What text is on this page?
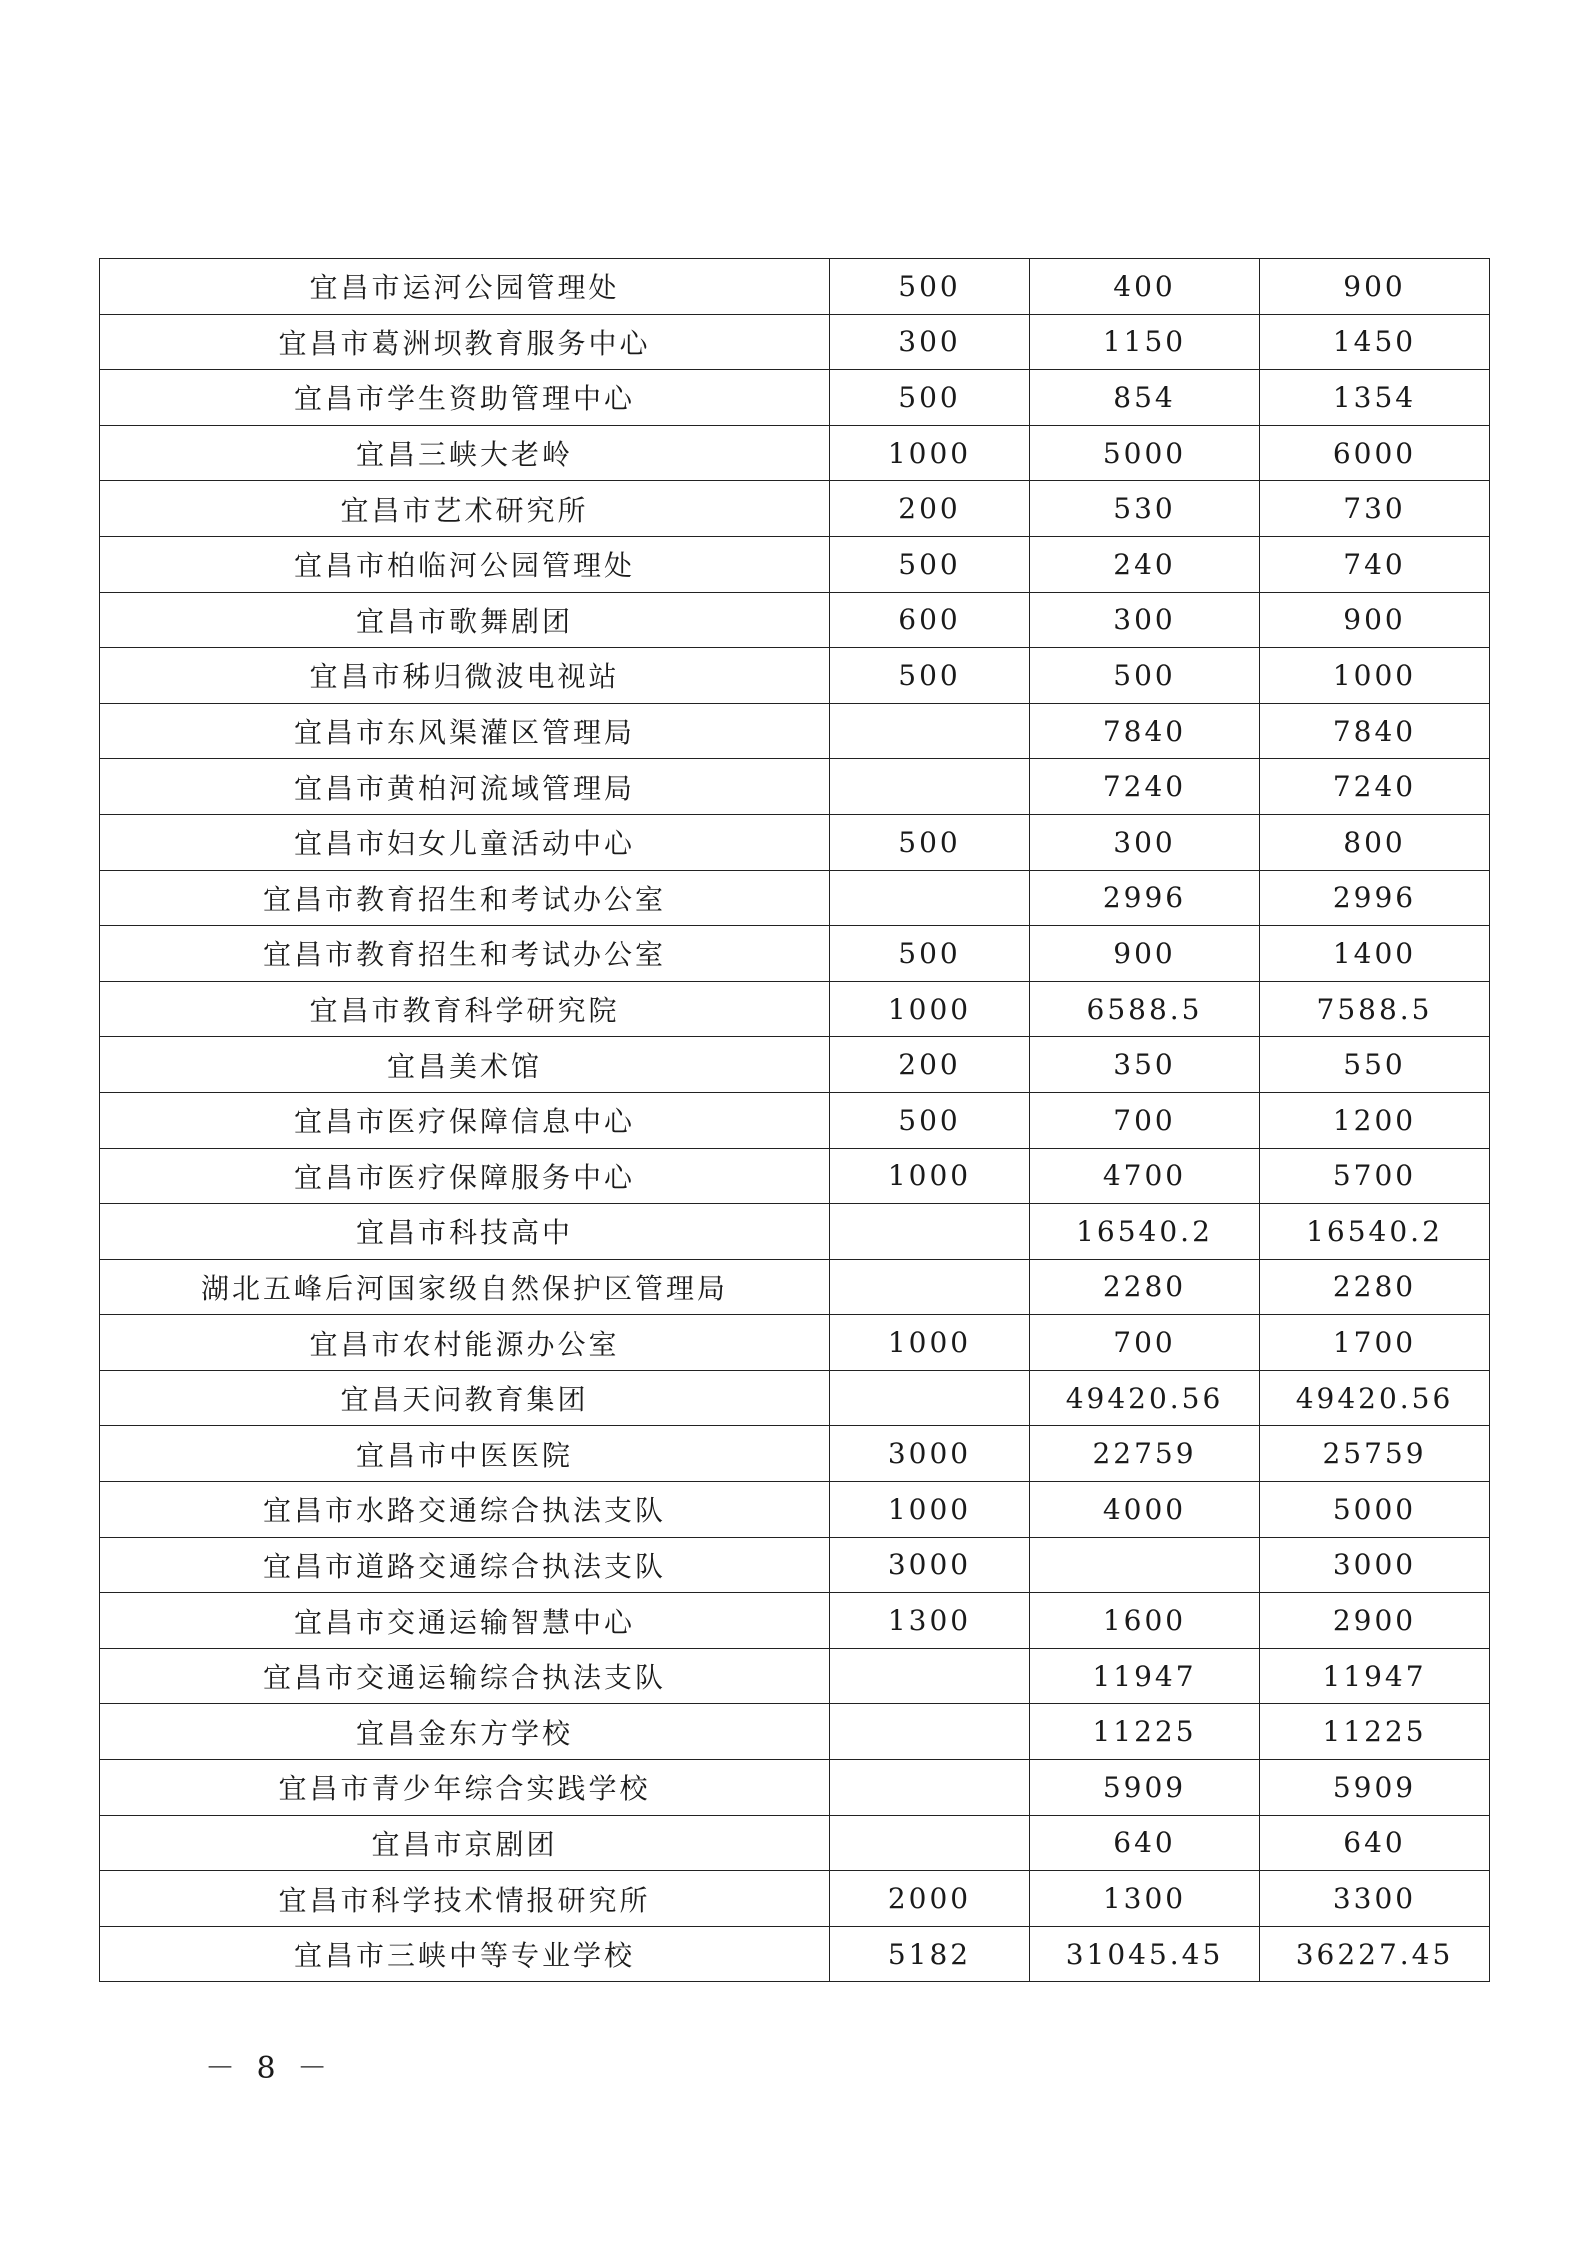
宜昌市运河公园管理处	500	400	900
宜昌市葛洲坝教育服务中心	300	1150	1450
宜昌市学生资助管理中心	500	854	1354
宜昌三峡大老岭	1000	5000	6000
宜昌市艺术研究所	200	530	730
宜昌市柏临河公园管理处	500	240	740
宜昌市歌舞剧团	600	300	900
宜昌市秭归微波电视站	500	500	1000
宜昌市东风渠灌区管理局		7840	7840
宜昌市黄柏河流域管理局		7240	7240
宜昌市妇女儿童活动中心	500	300	800
宜昌市教育招生和考试办公室		2996	2996
宜昌市教育招生和考试办公室	500	900	1400
宜昌市教育科学研究院	1000	6588.5	7588.5
宜昌美术馆	200	350	550
宜昌市医疗保障信息中心	500	700	1200
宜昌市医疗保障服务中心	1000	4700	5700
宜昌市科技高中		16540.2	16540.2
湖北五峰后河国家级自然保护区管理局		2280	2280
宜昌市农村能源办公室	1000	700	1700
宜昌天问教育集团		49420.56	49420.56
宜昌市中医医院	3000	22759	25759
宜昌市水路交通综合执法支队	1000	4000	5000
宜昌市道路交通综合执法支队	3000		3000
宜昌市交通运输智慧中心	1300	1600	2900
宜昌市交通运输综合执法支队		11947	11947
宜昌金东方学校		11225	11225
宜昌市青少年综合实践学校		5909	5909
宜昌市京剧团		640	640
宜昌市科学技术情报研究所	2000	1300	3300
宜昌市三峡中等专业学校	5182	31045.45	36227.45
－ 8 －
